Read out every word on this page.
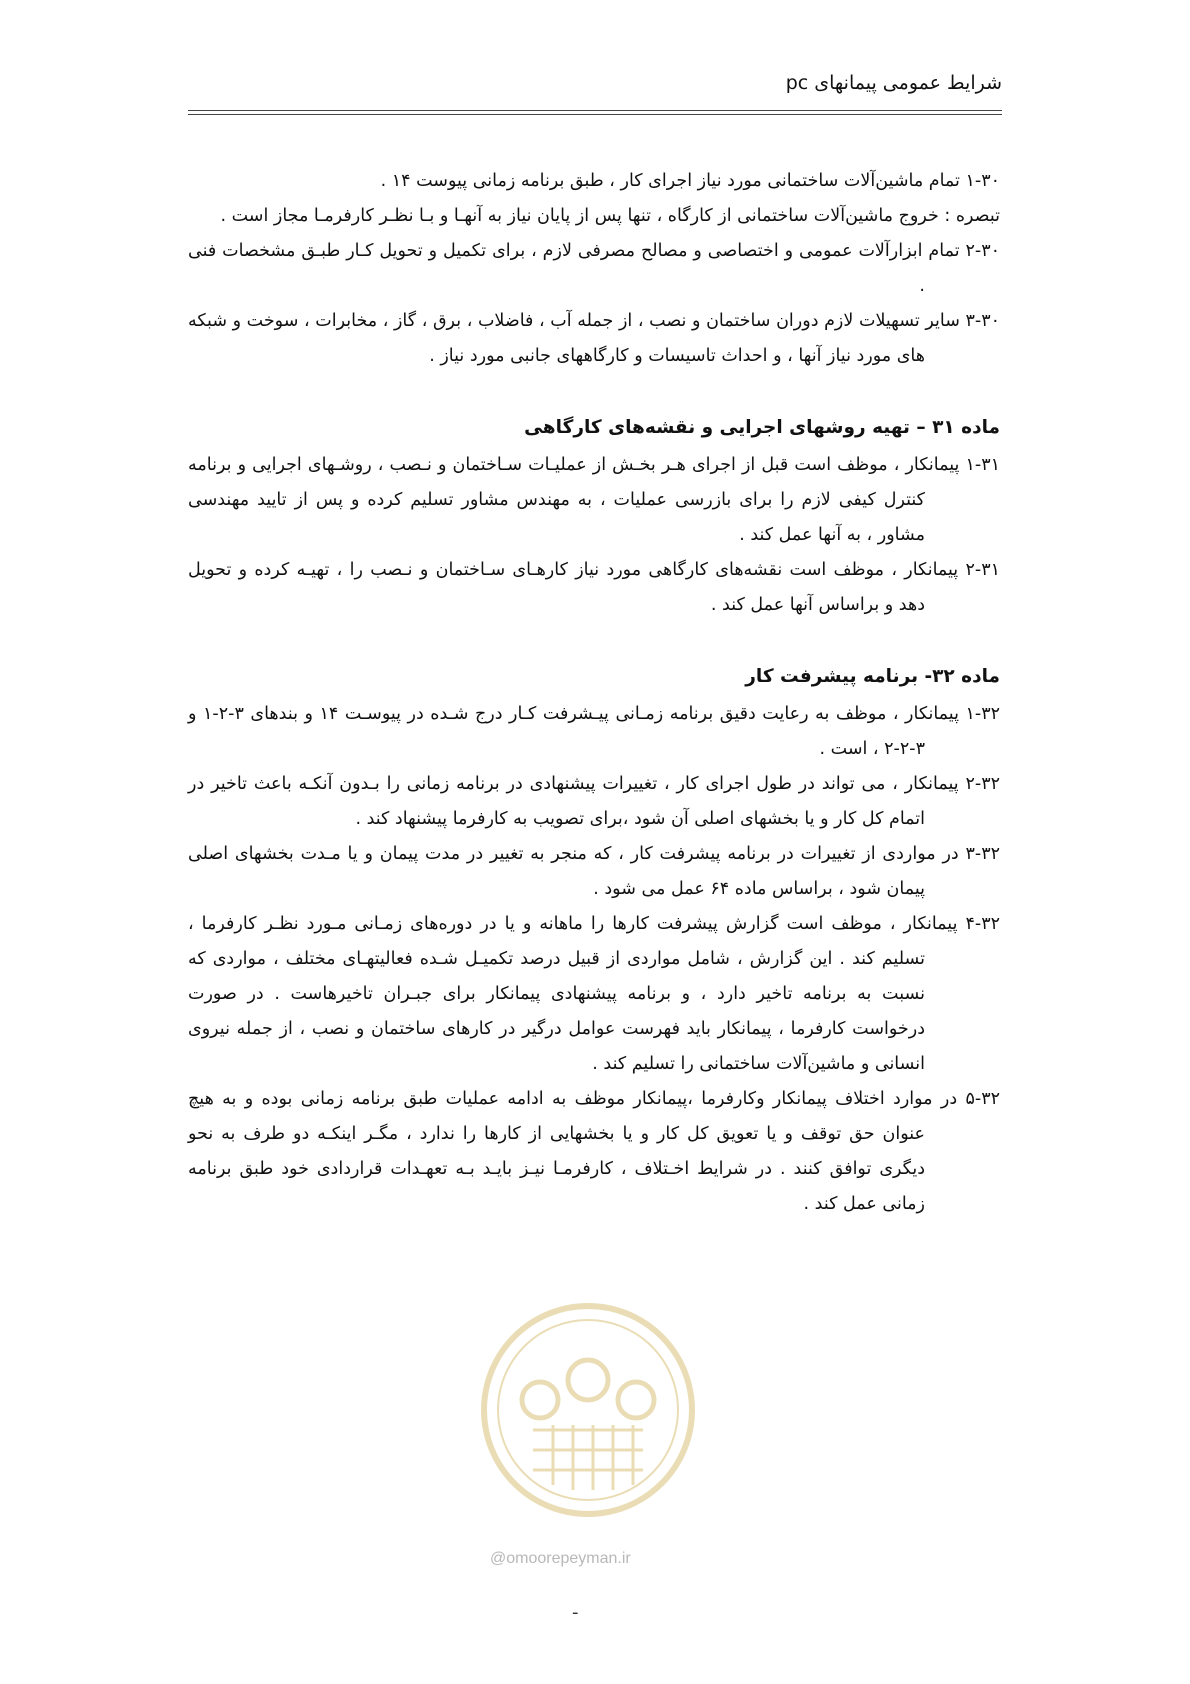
شرایط عمومی پیمانهای pc

۱-۳۰ تمام ماشین‌آلات ساختمانی مورد نیاز اجرای کار ، طبق برنامه زمانی پیوست ۱۴ .

تبصره : خروج ماشین‌آلات ساختمانی از کارگاه ، تنها پس از پایان نیاز به آنهـا و بـا نظـر کارفرمـا مجاز است .

۲-۳۰ تمام ابزارآلات عمومی و اختصاصی و مصالح مصرفی لازم ، برای تکمیل و تحویل کـار طبـق مشخصات فنی .

۳-۳۰ سایر تسهیلات لازم دوران ساختمان و نصب ، از جمله آب ، فاضلاب ، برق ، گاز ، مخابرات ، سوخت و شبکه های مورد نیاز آنها ، و احداث تاسیسات و کارگاههای جانبی مورد نیاز .

ماده ۳۱ – تهیه روشهای اجرایی و نقشه‌های کارگاهی

۱-۳۱ پیمانکار ، موظف است قبل از اجرای هـر بخـش از عملیـات سـاختمان و نـصب ، روشـهای اجرایی و برنامه کنترل کیفی لازم را برای بازرسی عملیات ، به مهندس مشاور تسلیم کرده و پس از تایید مهندسی مشاور ، به آنها عمل کند .

۲-۳۱ پیمانکار ، موظف است نقشه‌های کارگاهی مورد نیاز کارهـای سـاختمان و نـصب را ، تهیـه کرده و تحویل دهد و براساس آنها عمل کند .

ماده ۳۲- برنامه پیشرفت کار

۱-۳۲ پیمانکار ، موظف به رعایت دقیق برنامه زمـانی پیـشرفت کـار درج شـده در پیوسـت ۱۴ و بندهای ۳-۲-۱ و ۳-۲-۲ ، است .

۲-۳۲ پیمانکار ، می تواند در طول اجرای کار ، تغییرات پیشنهادی در برنامه زمانی را بـدون آنکـه باعث تاخیر در اتمام کل کار و یا بخشهای اصلی آن شود ،برای تصویب به کارفرما پیشنهاد کند .

۳-۳۲ در مواردی از تغییرات در برنامه پیشرفت کار ، که منجر به تغییر در مدت پیمان و یا مـدت بخشهای اصلی پیمان شود ، براساس ماده ۶۴ عمل می شود .

۴-۳۲ پیمانکار ، موظف است گزارش پیشرفت کارها را ماهانه و یا در دوره‌های زمـانی مـورد نظـر کارفرما ، تسلیم کند . این گزارش ، شامل مواردی از قبیل درصد تکمیـل شـده فعالیتهـای مختلف ، مواردی که نسبت به برنامه تاخیر دارد ، و برنامه پیشنهادی پیمانکار برای جبـران تاخیرهاست . در صورت درخواست کارفرما ، پیمانکار باید فهرست عوامل درگیر در کارهای ساختمان و نصب ، از جمله نیروی انسانی و ماشین‌آلات ساختمانی را تسلیم کند .

۵-۳۲ در موارد اختلاف پیمانکار وکارفرما ،پیمانکار موظف به ادامه عملیات طبق برنامه زمانی بوده و به هیچ عنوان حق توقف و یا تعویق کل کار و یا بخشهایی از کارها را ندارد ، مگـر اینکـه دو طرف به نحو دیگری توافق کنند . در شرایط اخـتلاف ، کارفرمـا نیـز بایـد بـه تعهـدات قراردادی خود طبق برنامه زمانی عمل کند .

@omoorepeyman.ir
-
